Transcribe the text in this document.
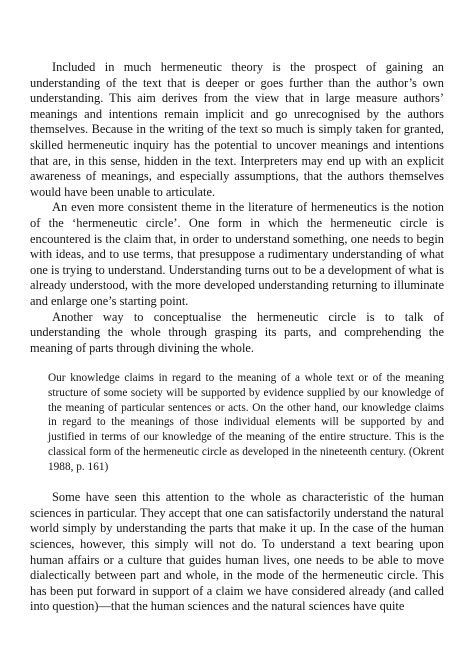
Included in much hermeneutic theory is the prospect of gaining an understanding of the text that is deeper or goes further than the author’s own understanding. This aim derives from the view that in large measure authors’ meanings and intentions remain implicit and go unrecognised by the authors themselves. Because in the writing of the text so much is simply taken for granted, skilled hermeneutic inquiry has the potential to uncover meanings and intentions that are, in this sense, hidden in the text. Interpreters may end up with an explicit awareness of meanings, and especially assumptions, that the authors themselves would have been unable to articulate.

An even more consistent theme in the literature of hermeneutics is the notion of the ‘hermeneutic circle’. One form in which the hermeneutic circle is encountered is the claim that, in order to understand something, one needs to begin with ideas, and to use terms, that presuppose a rudimentary understanding of what one is trying to understand. Understanding turns out to be a development of what is already understood, with the more developed understanding returning to illuminate and enlarge one’s starting point.

Another way to conceptualise the hermeneutic circle is to talk of understanding the whole through grasping its parts, and comprehending the meaning of parts through divining the whole.

Our knowledge claims in regard to the meaning of a whole text or of the meaning structure of some society will be supported by evidence supplied by our knowledge of the meaning of particular sentences or acts. On the other hand, our knowledge claims in regard to the meanings of those individual elements will be supported by and justified in terms of our knowledge of the meaning of the entire structure. This is the classical form of the hermeneutic circle as developed in the nineteenth century. (Okrent 1988, p. 161)

Some have seen this attention to the whole as characteristic of the human sciences in particular. They accept that one can satisfactorily understand the natural world simply by understanding the parts that make it up. In the case of the human sciences, however, this simply will not do. To understand a text bearing upon human affairs or a culture that guides human lives, one needs to be able to move dialectically between part and whole, in the mode of the hermeneutic circle. This has been put forward in support of a claim we have considered already (and called into question)—that the human sciences and the natural sciences have quite
